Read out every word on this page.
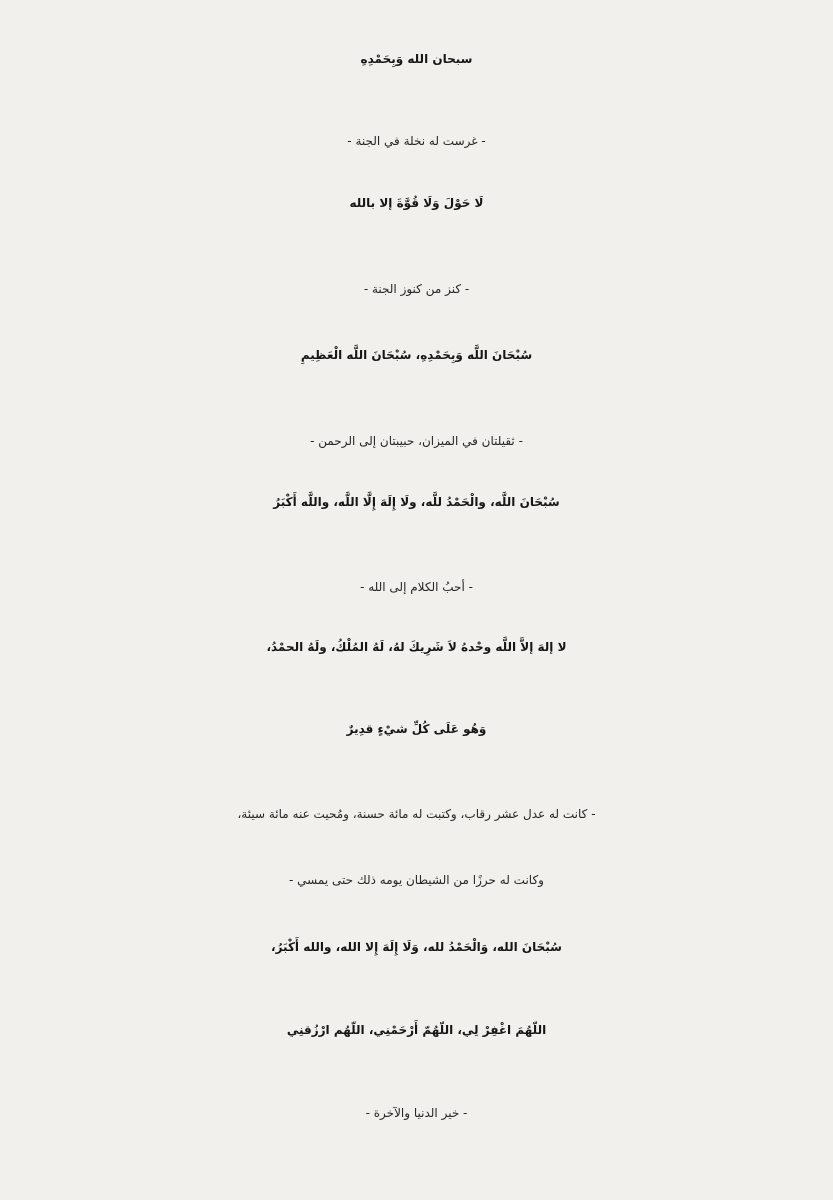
سبحان الله وَبِحَمْدِهِ
- غرست له نخلة في الجنة -
لَا حَوْلَ وَلَا قُوَّةَ إلا بالله
- كنز من كنوز الجنة -
سُبْحَانَ اللَّه وَبِحَمْدِهِ، سُبْحَانَ اللَّه الْعَظِيمِ
- ثقيلتان في الميزان، حبيبتان إلى الرحمن -
سُبْحَانَ اللَّه، والْحَمْدُ للَّه، ولَا إِلَهَ إِلَّا اللَّه، واللَّه أَكْبَرُ
- أحبُ الكلام إلى الله -
لا إلهَ إلاَّ اللَّه وحْدهُ لاَ شَرِيكَ لهُ، لَهُ المُلْكُ، ولَهُ الحمْدُ،
وَهُو عَلَى كُلِّ شيْءٍ قدِيرٌ
- كانت له عدل عشر رقاب، وكتبت له مائة حسنة، ومُحيت عنه مائة سيئة،
وكانت له حرزًا من الشيطان يومه ذلك حتى يمسي -
سُبْحَانَ الله، وَالْحَمْدُ لله، وَلَا إِلَهَ إِلا الله، والله أَكْبَرُ،
اللّهُمَ اغْفِرْ لِي، اللّهُمّ أَرْحَمْنِي، اللّهُم ارْزُقنِي
- خير الدنيا والآخرة -
